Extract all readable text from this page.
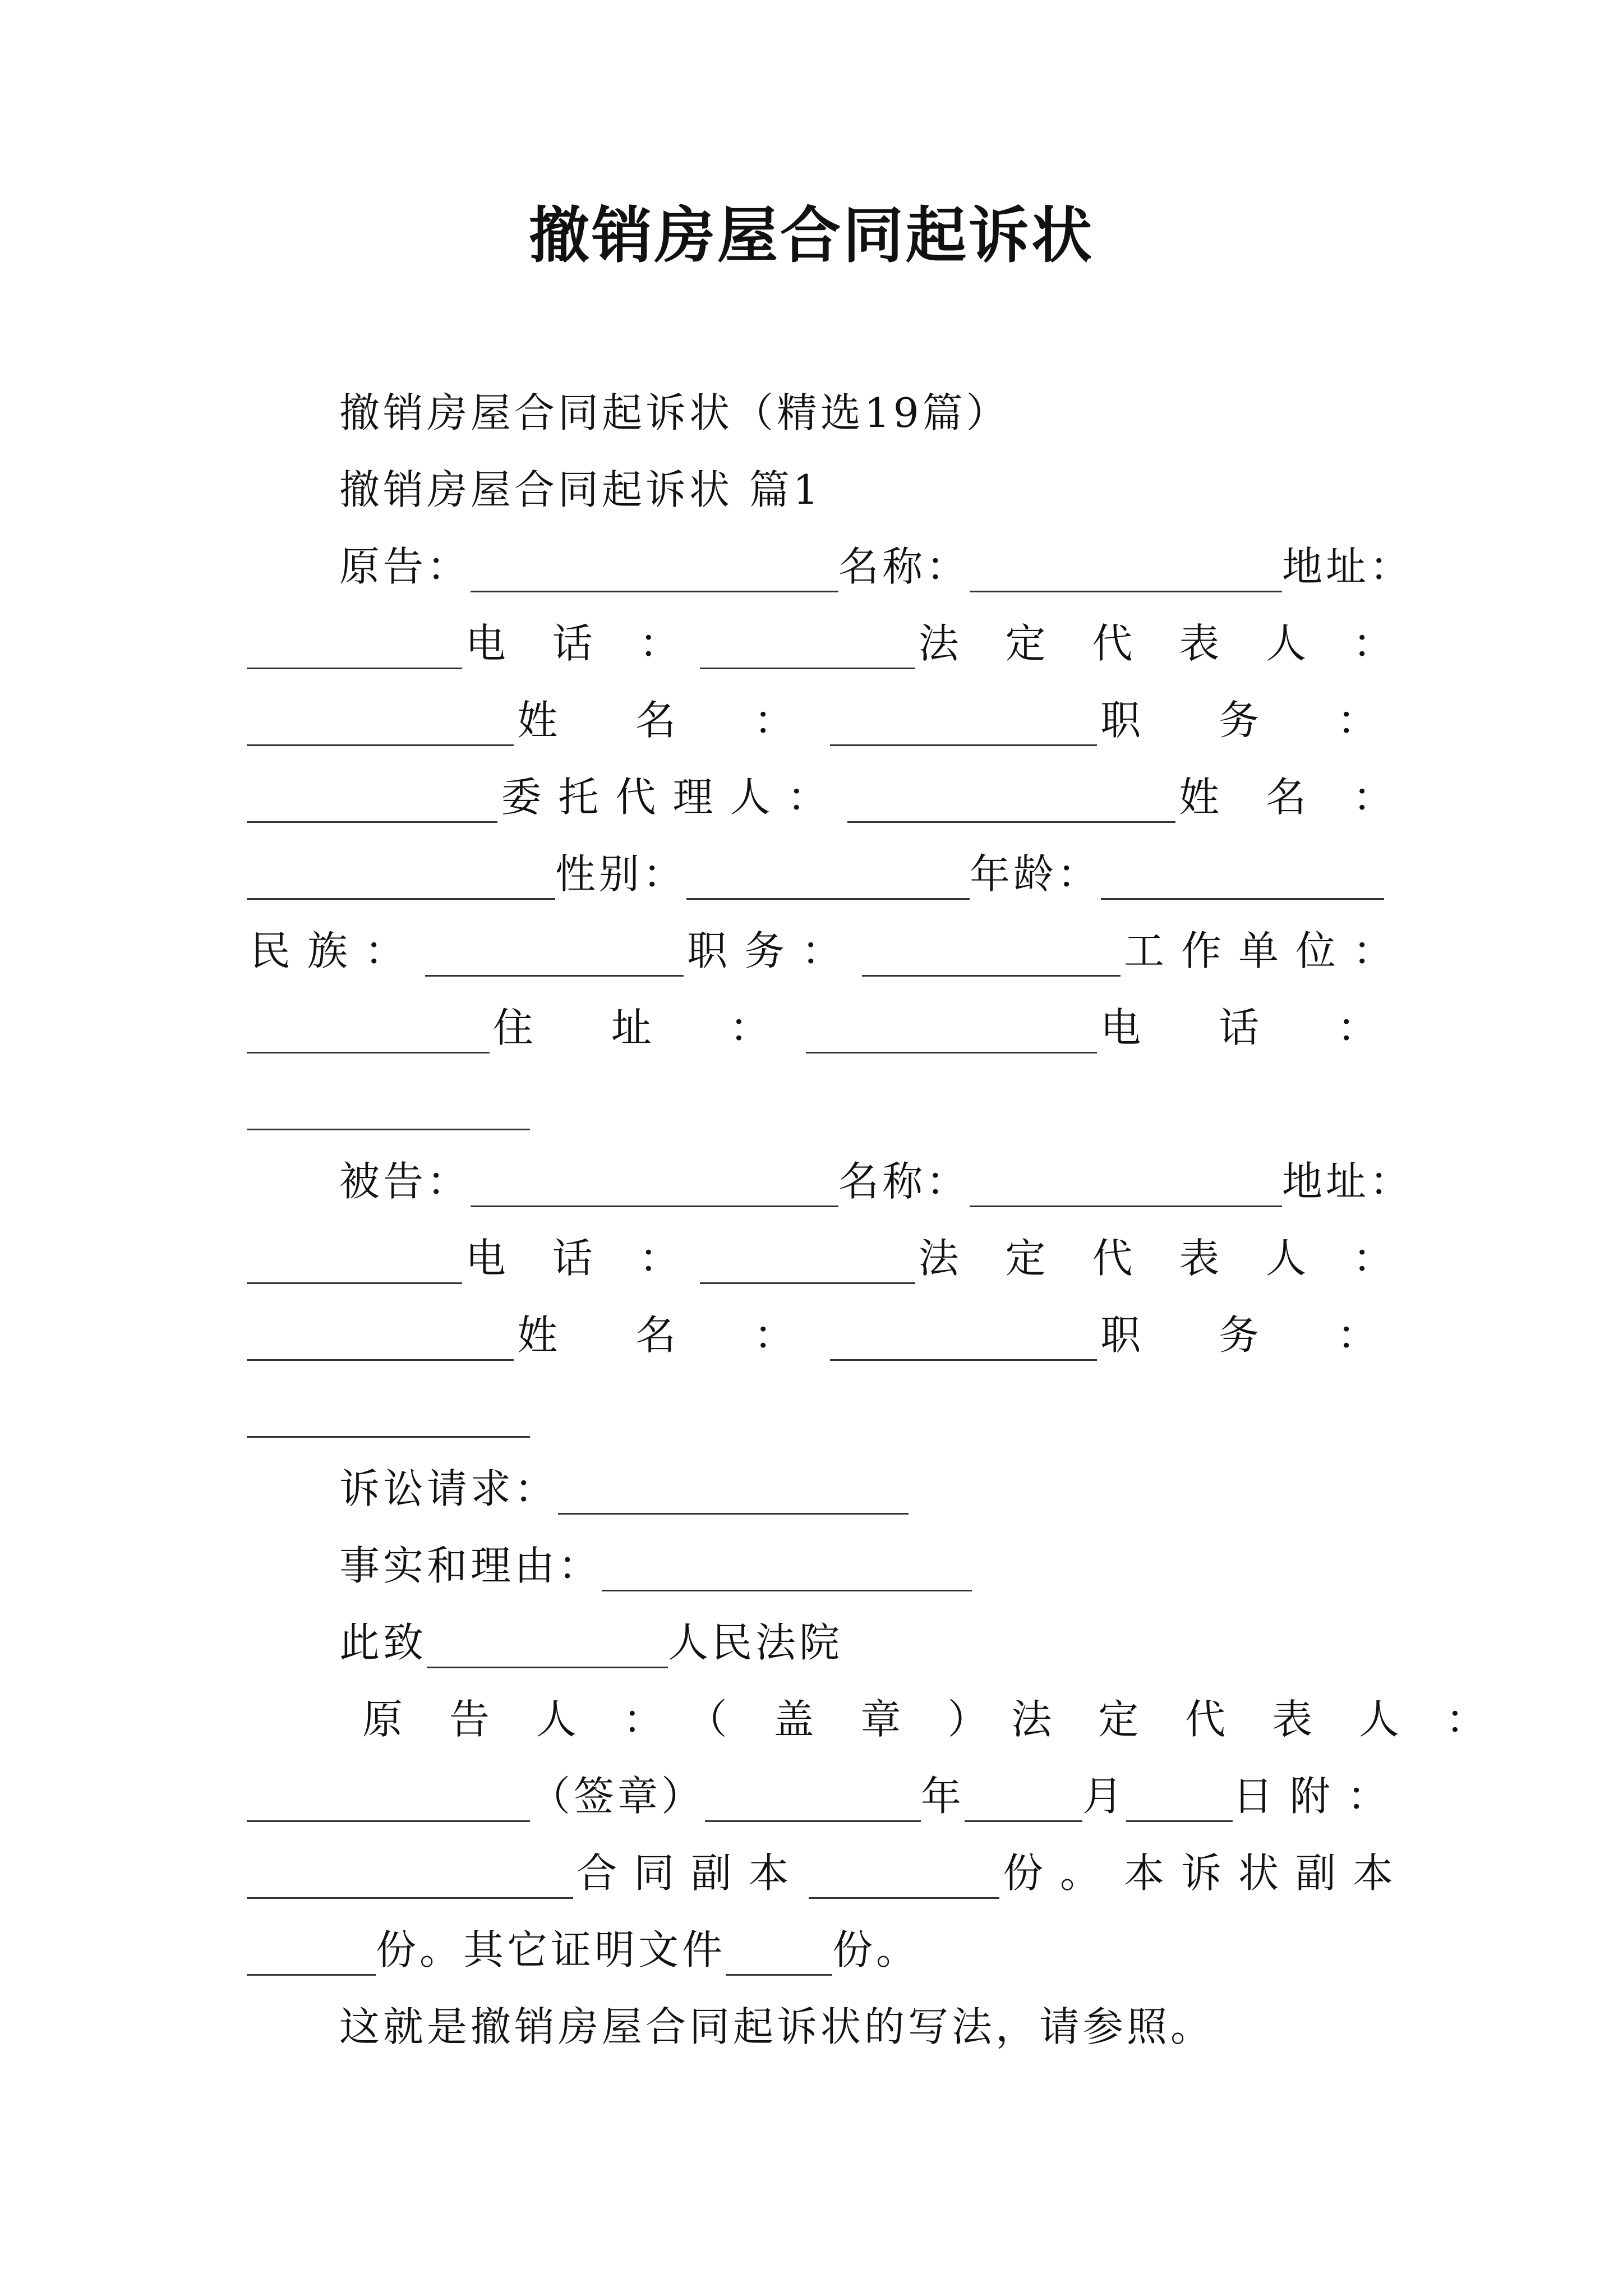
撤销房屋合同起诉状
撤销房屋合同起诉状（精选19篇）
撤销房屋合同起诉状 篇1
原告：	名称：	地址：
电 话 ：	法 定 代 表 人 ：
姓 名 ：	职 务 ：
委托代理人：	姓 名 ：
性别：	年龄：
民族：	职务：	工作单位：
住 址 ：	电 话 ：
被告：	名称：	地址：
电 话 ：	法 定 代 表 人 ：
姓 名 ：	职 务 ：
诉讼请求：
事实和理由：
此致	人民法院
原 告 人 ： （ 盖 章 ） 法 定 代 表 人 ：
（签章）	年	月	日附：
合同副本	份。 本诉状副本
份。其它证明文件	份。
这就是撤销房屋合同起诉状的写法，请参照。
